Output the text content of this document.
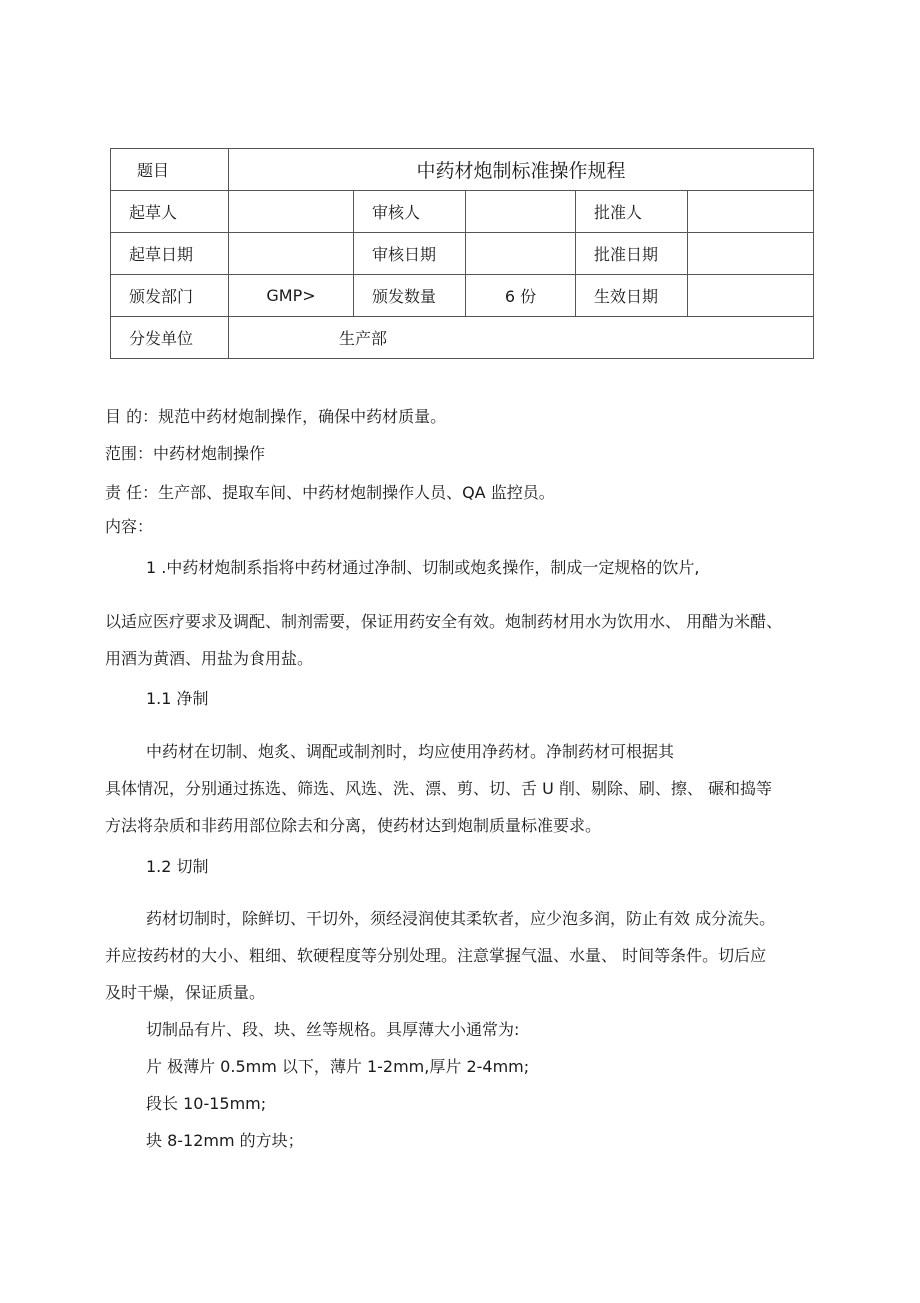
题目	中药材炮制标准操作规程				
起草人		审核人		批准人	
起草日期		审核日期		批准日期	
颁发部门	GMP>	颁发数量	6 份	生效日期	
分发单位	生产部				
目 的：规范中药材炮制操作，确保中药材质量。
范围：中药材炮制操作
责 任：生产部、提取车间、中药材炮制操作人员、QA 监控员。
内容：
1 .中药材炮制系指将中药材通过净制、切制或炮炙操作，制成一定规格的饮片,
以适应医疗要求及调配、制剂需要，保证用药安全有效。炮制药材用水为饮用水、 用醋为米醋、
用酒为黄酒、用盐为食用盐。
1.1 净制
中药材在切制、炮炙、调配或制剂时，均应使用净药材。净制药材可根据其
具体情况，分别通过拣选、筛选、风选、洗、漂、剪、切、舌 U 削、剔除、刷、擦、 碾和捣等
方法将杂质和非药用部位除去和分离，使药材达到炮制质量标准要求。
1.2 切制
药材切制时，除鲜切、干切外，须经浸润使其柔软者，应少泡多润，防止有效 成分流失。
并应按药材的大小、粗细、软硬程度等分别处理。注意掌握气温、水量、 时间等条件。切后应
及时干燥，保证质量。
切制品有片、段、块、丝等规格。具厚薄大小通常为:
片 极薄片 0.5mm 以下，薄片 1-2mm,厚片 2-4mm;
段长 10-15mm;
块 8-12mm 的方块；
